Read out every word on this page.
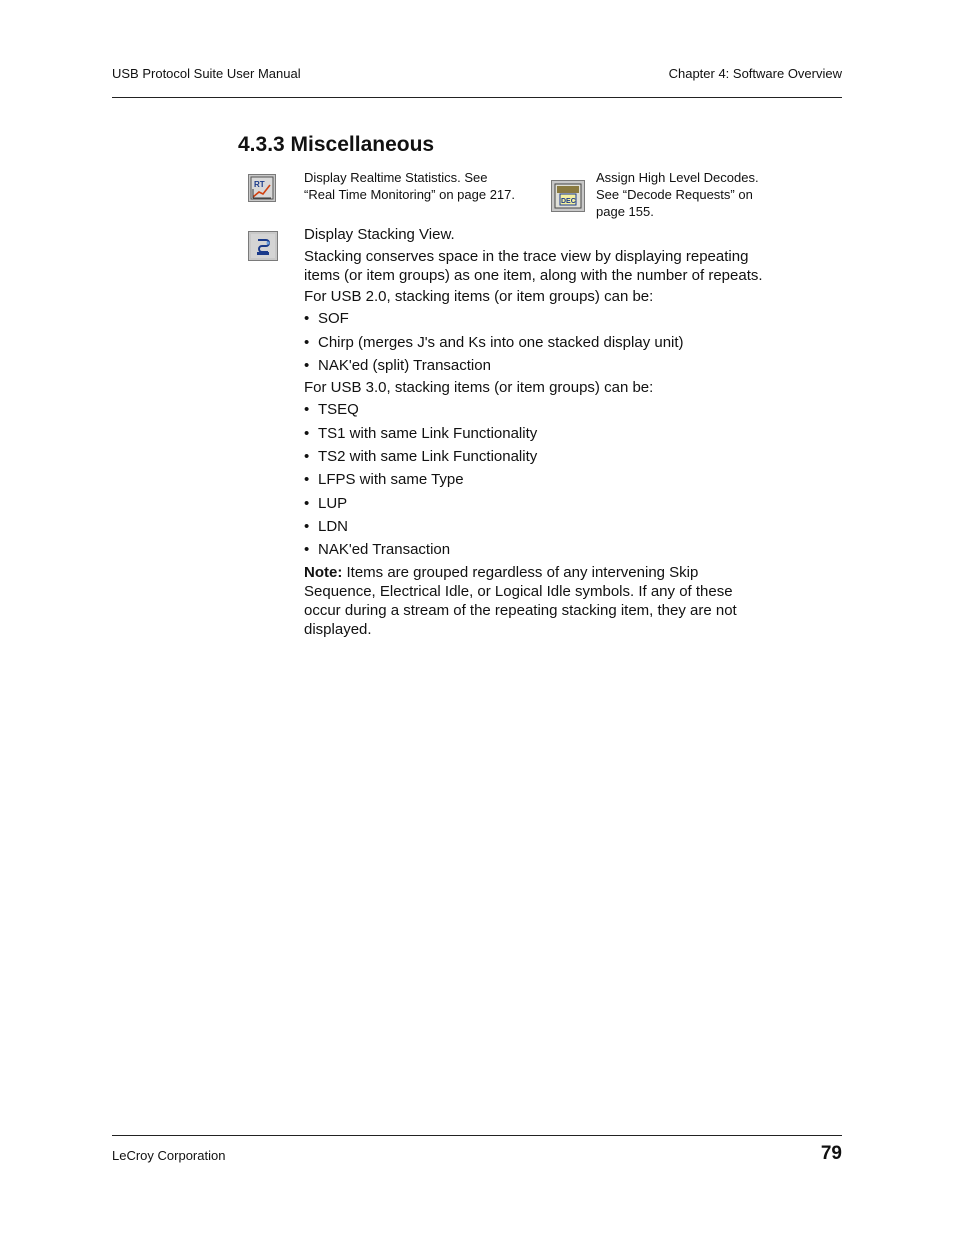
USB Protocol Suite User Manual	Chapter 4: Software Overview
4.3.3 Miscellaneous
RT	Display Realtime Statistics. See
“Real Time Monitoring” on page 217.	DEC
Assign High Level Decodes.
See “Decode Requests” on
page 155.

Display Stacking View.

Stacking conserves space in the trace view by displaying repeating
items (or item groups) as one item, along with the number of repeats.

For USB 2.0, stacking items (or item groups) can be:

• SOF
• Chirp (merges J's and Ks into one stacked display unit)
• NAK'ed (split) Transaction

For USB 3.0, stacking items (or item groups) can be:

• TSEQ
• TS1 with same Link Functionality
• TS2 with same Link Functionality
• LFPS with same Type
• LUP
• LDN
• NAK'ed Transaction

Note: Items are grouped regardless of any intervening Skip
Sequence, Electrical Idle, or Logical Idle symbols. If any of these
occur during a stream of the repeating stacking item, they are not
displayed.

LeCroy Corporation	79
